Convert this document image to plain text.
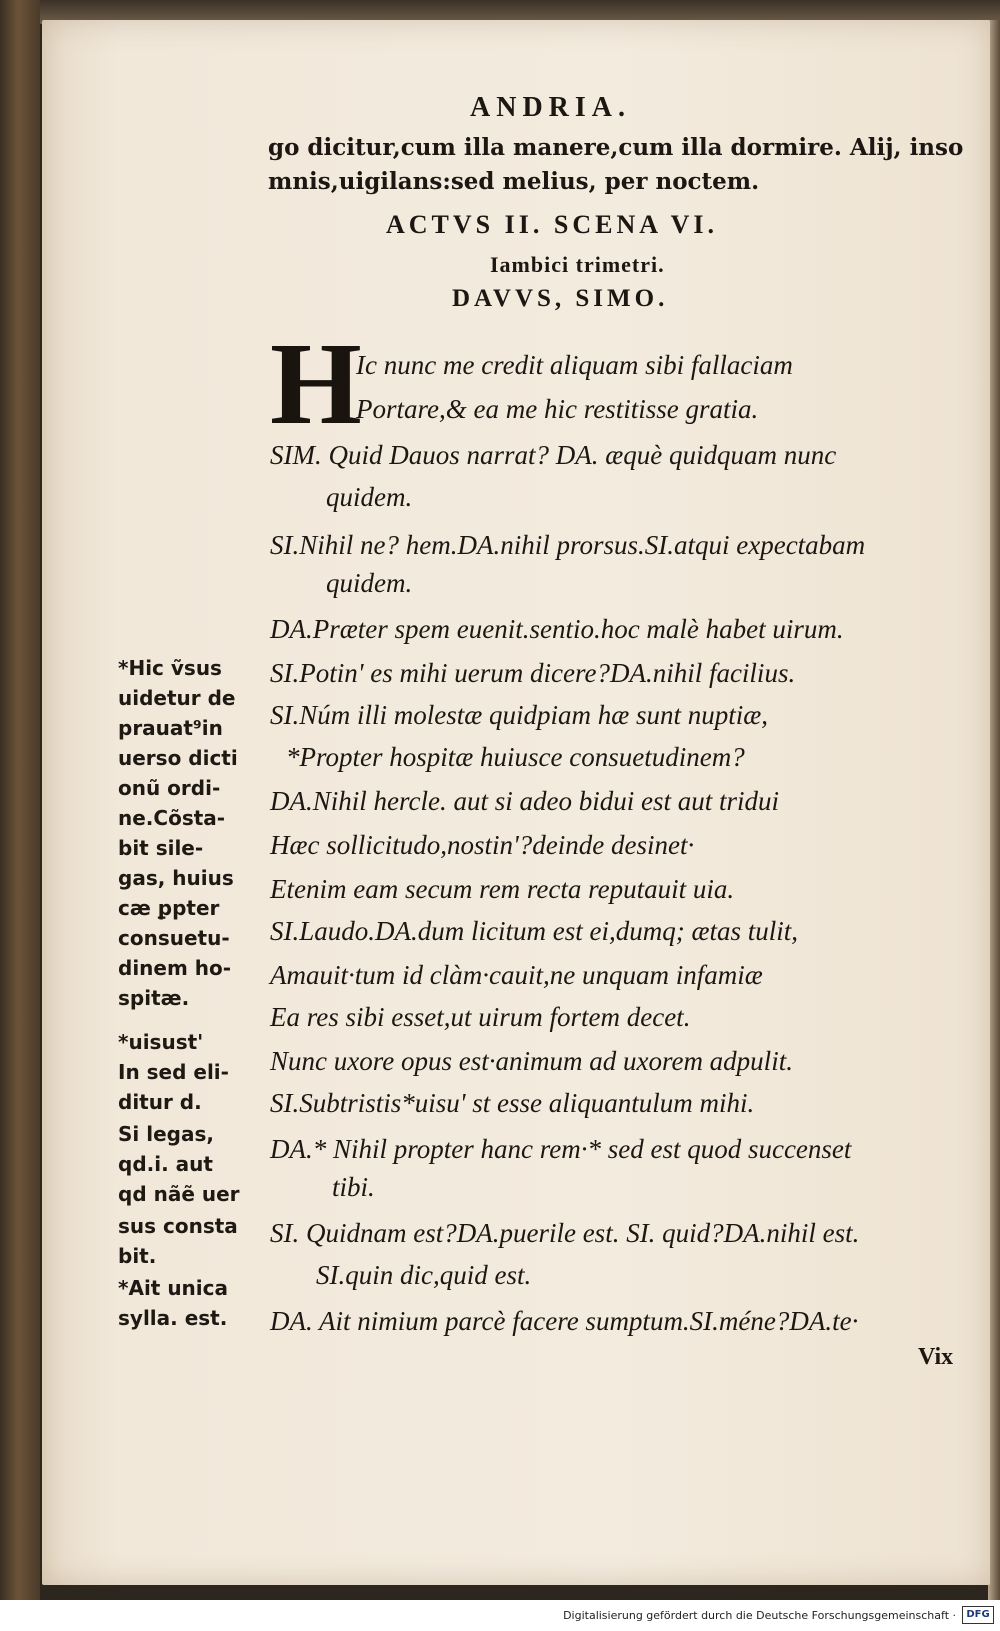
ANDRIA.
go dicitur,cum illa manere,cum illa dormire. Alij, inso
mnis,uigilans:sed melius, per noctem.
ACTVS II. SCENA VI.
Iambici trimetri.
DAVVS, SIMO.
H
Ic nunc me credit aliquam sibi fallaciam
Portare,& ea me hic restitisse gratia.
SIM. Quid Dauos narrat? DA. æquè quidquam nunc
quidem.
SI.Nihil ne? hem.DA.nihil prorsus.SI.atqui expectabam
quidem.
DA.Præter spem euenit.sentio.hoc malè habet uirum.
SI.Potin' es mihi uerum dicere?DA.nihil facilius.
SI.Núm illi molestæ quidpiam hæ sunt nuptiæ,
*Propter hospitæ huiusce consuetudinem?
DA.Nihil hercle. aut si adeo bidui est aut tridui
Hæc sollicitudo,nostin'?deinde desinet·
Etenim eam secum rem recta reputauit uia.
SI.Laudo.DA.dum licitum est ei,dumq; ætas tulit,
Amauit·tum id clàm·cauit,ne unquam infamiæ
Ea res sibi esset,ut uirum fortem decet.
Nunc uxore opus est·animum ad uxorem adpulit.
SI.Subtristis*uisu' st esse aliquantulum mihi.
DA.* Nihil propter hanc rem·* sed est quod succenset
tibi.
SI. Quidnam est?DA.puerile est. SI. quid?DA.nihil est.
SI.quin dic,quid est.
DA. Ait nimium parcè facere sumptum.SI.méne?DA.te·
*Hic ṽsus
uidetur de
prauat⁹in
uerso dicti
onũ ordi-
ne.Cõsta-
bit sile-
gas, huius
cæ ꝑpter
consuetu-
dinem ho-
spitæ.
*uisust'
In sed eli-
ditur d.
Si legas,
qd.i. aut
qd nãẽ uer
sus consta
bit.
*Ait unica
sylla. est.
Vix
Digitalisierung gefördert durch die Deutsche Forschungsgemeinschaft ·	DFG
